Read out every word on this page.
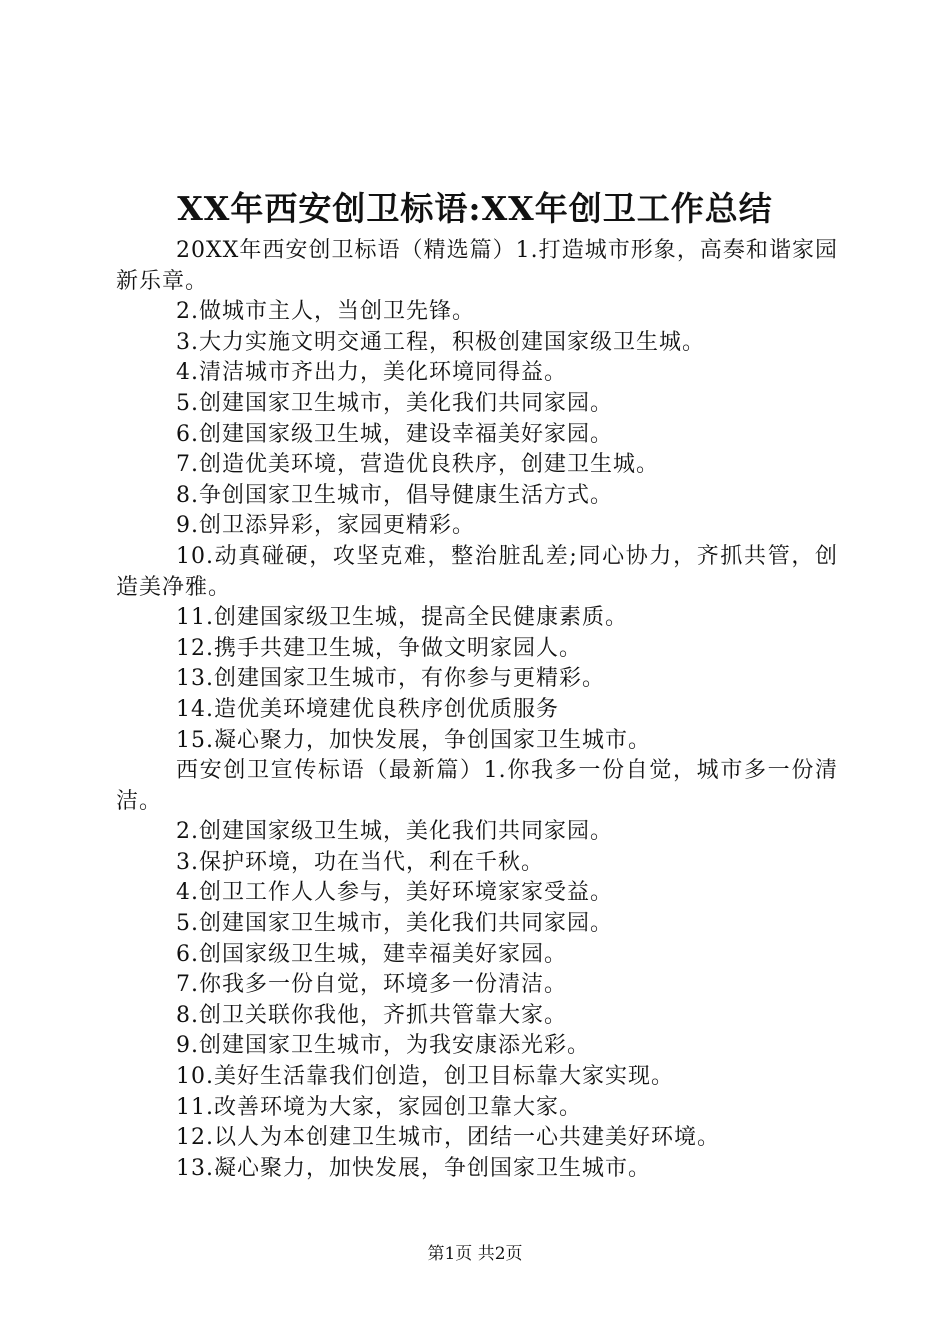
XX年西安创卫标语:XX年创卫工作总结

20XX年西安创卫标语（精选篇）1.打造城市形象，高奏和谐家园新乐章。

2.做城市主人，当创卫先锋。

3.大力实施文明交通工程，积极创建国家级卫生城。

4.清洁城市齐出力，美化环境同得益。

5.创建国家卫生城市，美化我们共同家园。

6.创建国家级卫生城，建设幸福美好家园。

7.创造优美环境，营造优良秩序，创建卫生城。

8.争创国家卫生城市，倡导健康生活方式。

9.创卫添异彩，家园更精彩。

10.动真碰硬，攻坚克难，整治脏乱差;同心协力，齐抓共管，创造美净雅。

11.创建国家级卫生城，提高全民健康素质。

12.携手共建卫生城，争做文明家园人。

13.创建国家卫生城市，有你参与更精彩。

14.造优美环境建优良秩序创优质服务

15.凝心聚力，加快发展，争创国家卫生城市。

西安创卫宣传标语（最新篇）1.你我多一份自觉，城市多一份清洁。

2.创建国家级卫生城，美化我们共同家园。

3.保护环境，功在当代，利在千秋。

4.创卫工作人人参与，美好环境家家受益。

5.创建国家卫生城市，美化我们共同家园。

6.创国家级卫生城，建幸福美好家园。

7.你我多一份自觉，环境多一份清洁。

8.创卫关联你我他，齐抓共管靠大家。

9.创建国家卫生城市，为我安康添光彩。

10.美好生活靠我们创造，创卫目标靠大家实现。

11.改善环境为大家，家园创卫靠大家。

12.以人为本创建卫生城市，团结一心共建美好环境。

13.凝心聚力，加快发展，争创国家卫生城市。

第1页 共2页
